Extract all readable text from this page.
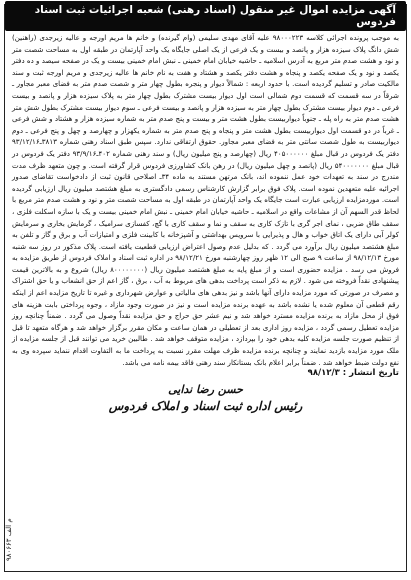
آگهی مزایده اموال غیر منقول (اسناد رهنی) شعبه اجرائیات ثبت اسناد فردوس
به موجب پرونده اجرائی کلاسه ۹۸۰۰۰۲۲۳ علیه آقای مهدی سلیمی (وام گیرنده) و خانم ها مریم اورجه و عالیه زیرجدی (راهنین) شش دانگ پلاک سیزده هزار و پانصد و بیست و یک فرعی از یک اصلی جایگاه یک واحد آپارتمان در طبقه اول به مساحت شصت متر و نود و هشت صدم متر مربع به آدرس اسلامیه ـ حاشیه خیابان امام خمینی ـ نبش امام خمینی بیست و یک در صفحه سیصد و ده دفتر یکصد و نود و یک صفحه یکصد و پنجاه و هشت دفتر یکصد و هشتاد و هفت به نام خانم ها عالیه زیرجدی و مریم اورجه ثبت و سند مالکیت صادر و تسلیم گردیده است. با حدود اربعه : شمالاً دیوار و پنجره بطول چهار متر و شصت صدم متر به فضای معبر مجاور ـ شرقاً در سه قسمت که قسمت دوم شمالی است اول دیوار بیست مشترک بطول چهار متر به پلاک سیزده هزار و پانصد و بیست فرعی ـ دوم دیوار بیست مشترک بطول چهار متر به سیزده هزار و پانصد و بیست فرعی ـ سوم دیوار بیست مشترک بطول شش متر هشت صدم متر به راه پله ـ جنوباً دیواربیست بطول هشت متر و بیست و پنج صدم متر به شماره سیزده هزار و هشتاد و شش فرعی ـ غرباً در دو قسمت اول دیواربیست بطول هشت متر و پنجاه و پنج صدم متر به شماره یکهزار و چهارصد و چهل و پنج فرعی ـ دوم دیواربیست به طول شصت سانتی متر به فضای معبر مجاور. حقوق ارتفاقی ندارد. سپس طبق اسناد رهنی شماره ۳۸۱۳ـ۹۳/۱۲/۱۶ دفتر یک فردوس در قبال مبلغ ۴۰۵۰۰۰۰۰۰ ریال (چهارصد و پنج میلیون ریال) و سند رهنی شماره ۴۰۲ـ۹۳/۹/۱۶ دفتر یک فردوس در قبال مبلغ ۵۴۰۰۰۰۰۰۰ ریال (پانصد و چهل میلیون ریال) در رهن بانک کشاورزی فردوس قرار گرفته است. و چون متعهد ظرف مدت مندرج در سند به تعهدات خود عمل ننموده اند، بانک مرتهن مستند به ماده ۳۴ـ اصلاحی قانون ثبت از دادخواست تقاضای صدور اجرائیه علیه متعهدین نموده است. پلاک فوق برابر گزارش کارشناس رسمی دادگستری به مبلغ هشتصد میلیون ریال ارزیابی گردیده است. موردمزایده ارزیابی عبارت است جایگاه یک واحد آپارتمان در طبقه اول به مساحت شصت متر و نود و هشت صدم متر مربع با لحاظ قدر السهم آن از مشاعات واقع در اسلامیه ـ حاشیه خیابان امام خمینی ـ نبش امام خمینی بیست و یک با سازه اسکلت فلزی ، سقف طاق ضربی ، نمای اجر گری با تازک کاری به سقف و نما و سقف کاری با گچ، کفسازی سرامیک ، گرمایش بخاری و سرمایش کولر آبی دارای یک اتاق خواب و هال و پذیرایی با سرویس بهداشتی و آشپزخانه با کابینت فلزی و امتیازات آب و برق و گاز و تلفن به مبلغ هشتصد میلیون ریال برآورد می گردد . که بدلیل عدم وصول اعتراض ارزیابی قطعیت یافته است. پلاک مذکور در روز سه شنبه مورخ ۹۸/۱۲/۱۳ از ساعت ۹ صبح الی ۱۲ ظهر روز چهارشنبه مورخ ۹۸/۱۲/۲۱ در اداره ثبت اسناد و املاک فردوس از طریق مزایده به فروش می رسد . مزایده حضوری است و از مبلغ پایه به مبلغ هشتصد میلیون ریال (۸۰۰۰۰۰۰۰۰ ریال) شروع و به بالاترین قیمت پیشنهادی نقداً فروخته می شود . لازم به ذکر است پرداخت بدهی های مربوط به آب ، برق ، گاز اعم از حق انشعاب و یا حق اشتراک و مصرف در صورتی که مورد مزایده دارای آنها باشد و نیز بدهی های مالیاتی و عوارض شهرداری و غیره تا تاریخ مزایده اعم از اینکه رقم قطعی آن معلوم شده یا نشده باشد به عهده برنده مزایده است و نیز در صورت وجود مازاد ، وجوه پرداختی بابت هزینه های فوق از محل مازاد به برنده مزایده مسترد خواهد شد و نیم عشر حق حراج و حق مزایده نقداً وصول می گردد . ضمناً چنانچه روز مزایده تعطیل رسمی گردد ، مزایده روز اداری بعد از تعطیلی در همان ساعت و مکان مقرر برگزار خواهد شد و هرگاه متعهد تا قبل از تنظیم صورت جلسه مزایده کلیه بدهی خود را بپردازد ، مزایده متوقف خواهد شد . طالبین خرید می توانند قبل از جلسه مزایده از ملک مورد مزایده بازدید نمایند و چنانچه برنده مزایده ظرف مهلت مقرر نسبت به پرداخت ما به التفاوت اقدام ننماید سپرده وی به نفع دولت ضبط خواهد شد . ضمناً برابر اعلام بانک بستانکار سند رهنی فاقد بیمه نامه می باشد.
تاریخ انتشار : ۹۸/۱۲/۳
حسن رضا ندایی
رئیس اداره ثبت اسناد و املاک فردوس
م الف ۹۸۰۶۶۳
